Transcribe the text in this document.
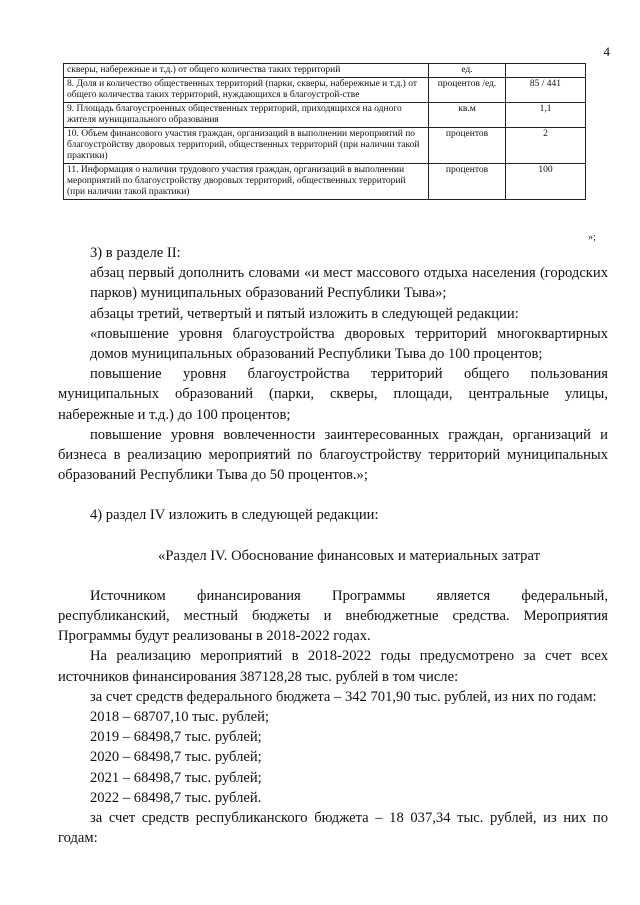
4
скверы, набережные и т.д.) от общего количества таких территорий	ед.	
8. Доля и количество общественных территорий (парки, скверы, набережные и т.д.) от общего количества таких территорий, нуждающихся в благоустрой-стве	процентов /ед.	85 / 441
9. Площадь благоустроенных общественных территорий, приходящихся на одного жителя муниципального образования	кв.м	1,1
10. Объем финансового участия граждан, организаций в выполнении мероприятий по благоустройству дворовых территорий, общественных территорий (при наличии такой практики)	процентов	2
11. Информация о наличии трудового участия граждан, организаций в выполнении мероприятий по благоустройству дворовых территорий, общественных территорий (при наличии такой практики)	процентов	100
»;

3) в разделе II:

абзац первый дополнить словами «и мест массового отдыха населения (городских парков) муниципальных образований Республики Тыва»;

абзацы третий, четвертый и пятый изложить в следующей редакции:

«повышение уровня благоустройства дворовых территорий многоквартирных домов муниципальных образований Республики Тыва до 100 процентов;

повышение уровня благоустройства территорий общего пользования муниципальных образований (парки, скверы, площади, центральные улицы, набережные и т.д.) до 100 процентов;

повышение уровня вовлеченности заинтересованных граждан, организаций и бизнеса в реализацию мероприятий по благоустройству территорий муниципальных образований Республики Тыва до 50 процентов.»;

4) раздел IV изложить в следующей редакции:

«Раздел IV. Обоснование финансовых и материальных затрат

Источником финансирования Программы является федеральный, республиканский, местный бюджеты и внебюджетные средства. Мероприятия Программы будут реализованы в 2018-2022 годах.

На реализацию мероприятий в 2018-2022 годы предусмотрено за счет всех источников финансирования 387128,28 тыс. рублей в том числе:

за счет средств федерального бюджета – 342 701,90 тыс. рублей, из них по годам:

2018 – 68707,10 тыс. рублей;

2019 – 68498,7 тыс. рублей;

2020 – 68498,7 тыс. рублей;

2021 – 68498,7 тыс. рублей;

2022 – 68498,7 тыс. рублей.

за счет средств республиканского бюджета – 18 037,34 тыс. рублей, из них по годам:
